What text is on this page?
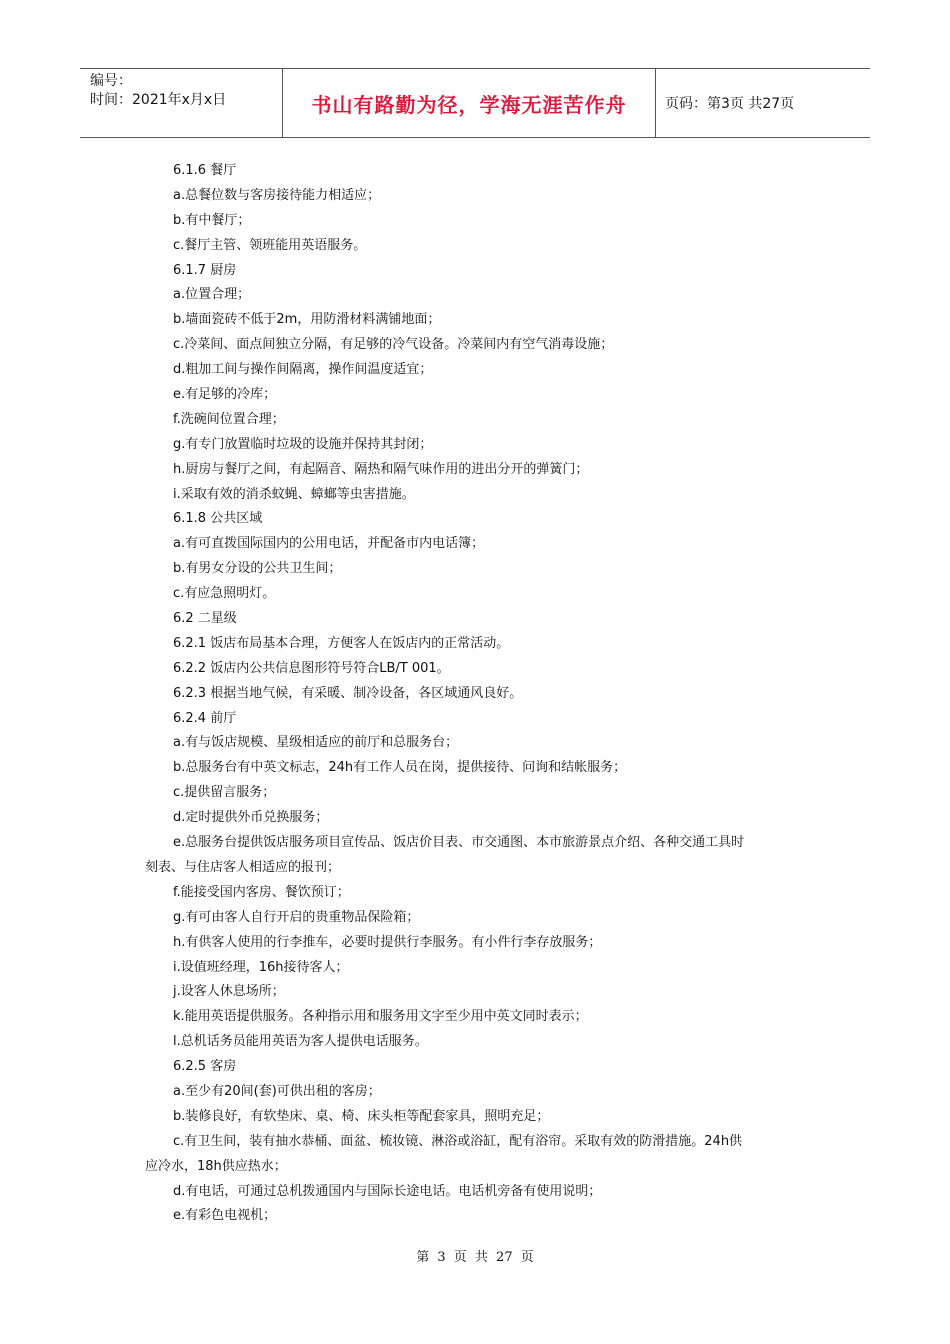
编号：
时间：2021年x月x日	书山有路勤为径，学海无涯苦作舟	页码：第3页 共27页
6.1.6 餐厅
a.总餐位数与客房接待能力相适应；
b.有中餐厅；
c.餐厅主管、领班能用英语服务。
6.1.7 厨房
a.位置合理；
b.墙面瓷砖不低于2m，用防滑材料满铺地面；
c.冷菜间、面点间独立分隔，有足够的冷气设备。冷菜间内有空气消毒设施；
d.粗加工间与操作间隔离，操作间温度适宜；
e.有足够的冷库；
f.洗碗间位置合理；
g.有专门放置临时垃圾的设施并保持其封闭；
h.厨房与餐厅之间，有起隔音、隔热和隔气味作用的进出分开的弹簧门；
i.采取有效的消杀蚊蝇、蟑螂等虫害措施。
6.1.8 公共区域
a.有可直拨国际国内的公用电话，并配备市内电话簿；
b.有男女分设的公共卫生间；
c.有应急照明灯。
6.2 二星级
6.2.1 饭店布局基本合理，方便客人在饭店内的正常活动。
6.2.2 饭店内公共信息图形符号符合LB/T 001。
6.2.3 根据当地气候，有采暖、制冷设备，各区域通风良好。
6.2.4 前厅
a.有与饭店规模、星级相适应的前厅和总服务台；
b.总服务台有中英文标志，24h有工作人员在岗，提供接待、问询和结帐服务；
c.提供留言服务；
d.定时提供外币兑换服务；
e.总服务台提供饭店服务项目宣传品、饭店价目表、市交通图、本市旅游景点介绍、各种交通工具时
刻表、与住店客人相适应的报刊；
f.能接受国内客房、餐饮预订；
g.有可由客人自行开启的贵重物品保险箱；
h.有供客人使用的行李推车，必要时提供行李服务。有小件行李存放服务；
i.设值班经理，16h接待客人；
j.设客人休息场所；
k.能用英语提供服务。各种指示用和服务用文字至少用中英文同时表示；
l.总机话务员能用英语为客人提供电话服务。
6.2.5 客房
a.至少有20间(套)可供出租的客房；
b.装修良好，有软垫床、桌、椅、床头柜等配套家具，照明充足；
c.有卫生间，装有抽水恭桶、面盆、梳妆镜、淋浴或浴缸，配有浴帘。采取有效的防滑措施。24h供
应冷水，18h供应热水；
d.有电话，可通过总机拨通国内与国际长途电话。电话机旁备有使用说明；
e.有彩色电视机；
第 3 页 共 27 页
